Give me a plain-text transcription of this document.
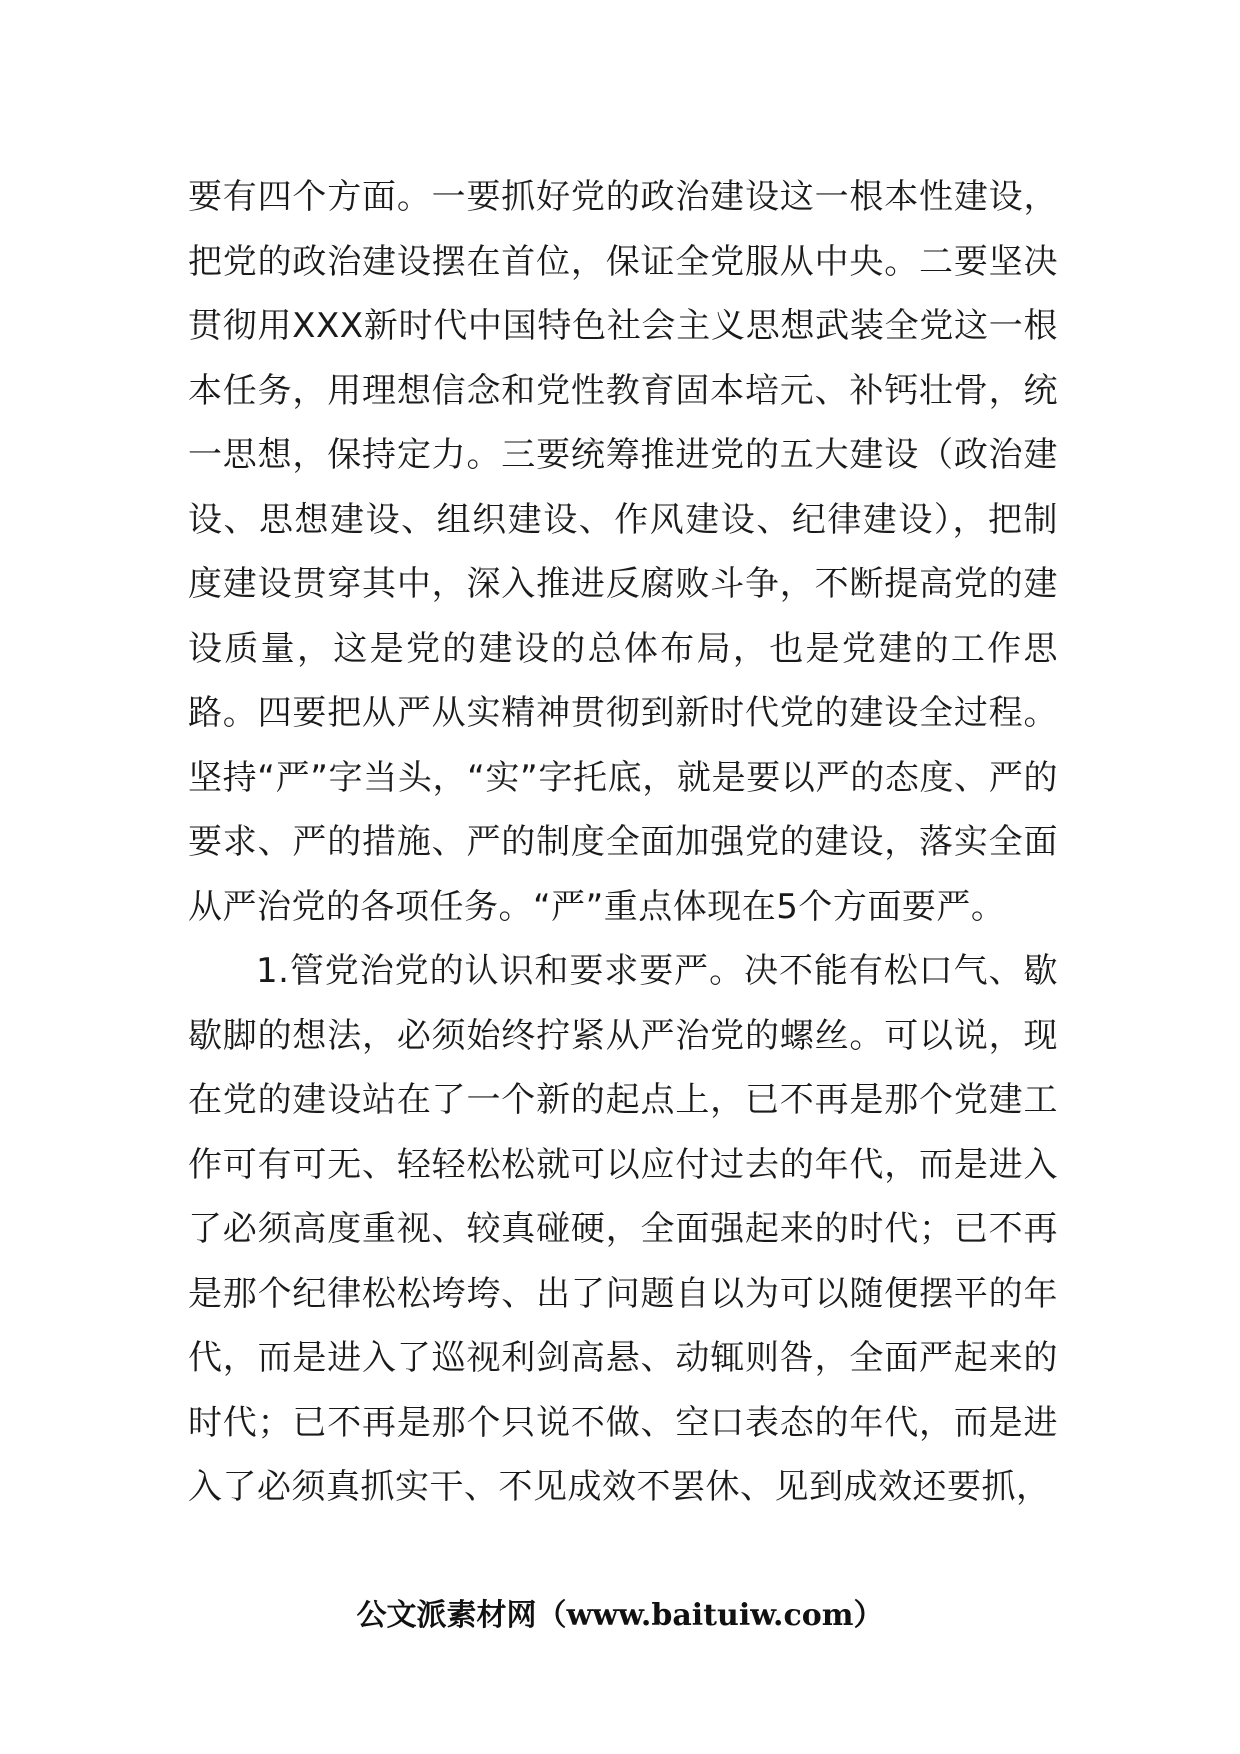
要有四个方面。一要抓好党的政治建设这一根本性建设，把党的政治建设摆在首位，保证全党服从中央。二要坚决贯彻用XXX新时代中国特色社会主义思想武装全党这一根本任务，用理想信念和党性教育固本培元、补钙壮骨，统一思想，保持定力。三要统筹推进党的五大建设（政治建设、思想建设、组织建设、作风建设、纪律建设），把制度建设贯穿其中，深入推进反腐败斗争，不断提高党的建设质量，这是党的建设的总体布局，也是党建的工作思路。四要把从严从实精神贯彻到新时代党的建设全过程。坚持“严”字当头，“实”字托底，就是要以严的态度、严的要求、严的措施、严的制度全面加强党的建设，落实全面从严治党的各项任务。“严”重点体现在5个方面要严。

1.管党治党的认识和要求要严。决不能有松口气、歇歇脚的想法，必须始终拧紧从严治党的螺丝。可以说，现在党的建设站在了一个新的起点上，已不再是那个党建工作可有可无、轻轻松松就可以应付过去的年代，而是进入了必须高度重视、较真碰硬，全面强起来的时代；已不再是那个纪律松松垮垮、出了问题自以为可以随便摆平的年代，而是进入了巡视利剑高悬、动辄则咎，全面严起来的时代；已不再是那个只说不做、空口表态的年代，而是进入了必须真抓实干、不见成效不罢休、见到成效还要抓，

公文派素材网（www.baituiw.com）
